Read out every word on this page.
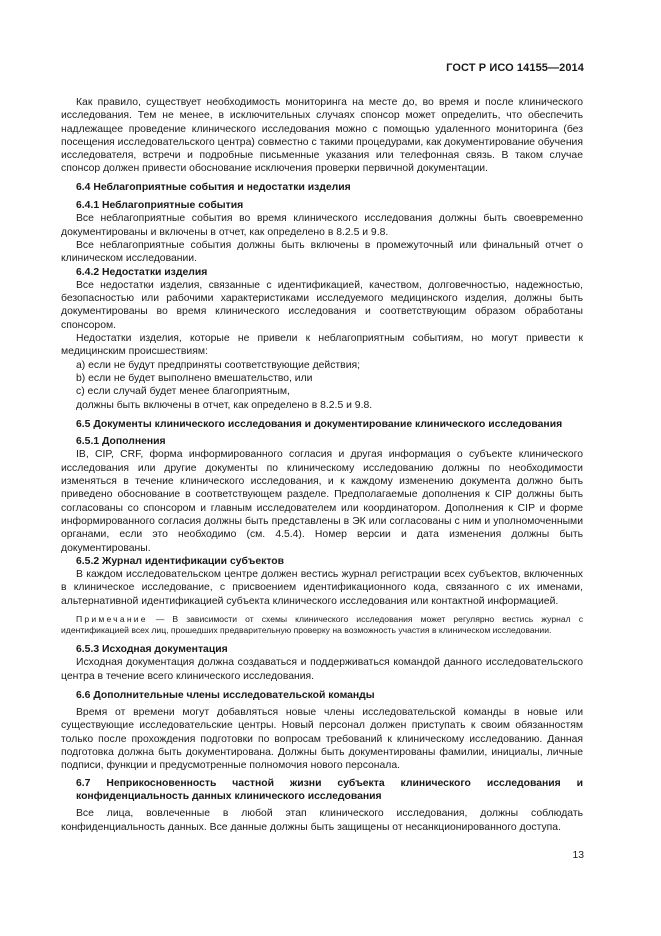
ГОСТ Р ИСО 14155—2014

Как правило, существует необходимость мониторинга на месте до, во время и после клинического исследования. Тем не менее, в исключительных случаях спонсор может определить, что обеспечить надлежащее проведение клинического исследования можно с помощью удаленного мониторинга (без посещения исследовательского центра) совместно с такими процедурами, как документирование обучения исследователя, встречи и подробные письменные указания или телефонная связь. В таком случае спонсор должен привести обоснование исключения проверки первичной документации.

6.4 Неблагоприятные события и недостатки изделия
6.4.1 Неблагоприятные события

Все неблагоприятные события во время клинического исследования должны быть своевременно документированы и включены в отчет, как определено в 8.2.5 и 9.8.

Все неблагоприятные события должны быть включены в промежуточный или финальный отчет о клиническом исследовании.

6.4.2 Недостатки изделия

Все недостатки изделия, связанные с идентификацией, качеством, долговечностью, надежностью, безопасностью или рабочими характеристиками исследуемого медицинского изделия, должны быть документированы во время клинического исследования и соответствующим образом обработаны спонсором.

Недостатки изделия, которые не привели к неблагоприятным событиям, но могут привести к медицинским происшествиям:

a) если не будут предприняты соответствующие действия;
b) если не будет выполнено вмешательство, или
c) если случай будет менее благоприятным,

должны быть включены в отчет, как определено в 8.2.5 и 9.8.

6.5 Документы клинического исследования и документирование клинического исследования
6.5.1 Дополнения

IB, CIP, CRF, форма информированного согласия и другая информация о субъекте клинического исследования или другие документы по клиническому исследованию должны по необходимости изменяться в течение клинического исследования, и к каждому изменению документа должно быть приведено обоснование в соответствующем разделе. Предполагаемые дополнения к CIP должны быть согласованы со спонсором и главным исследователем или координатором. Дополнения к CIP и форме информированного согласия должны быть представлены в ЭК или согласованы с ним и уполномоченными органами, если это необходимо (см. 4.5.4). Номер версии и дата изменения должны быть документированы.

6.5.2 Журнал идентификации субъектов

В каждом исследовательском центре должен вестись журнал регистрации всех субъектов, включенных в клиническое исследование, с присвоением идентификационного кода, связанного с их именами, альтернативной идентификацией субъекта клинического исследования или контактной информацией.

Примечание — В зависимости от схемы клинического исследования может регулярно вестись журнал с идентификацией всех лиц, прошедших предварительную проверку на возможность участия в клиническом исследовании.

6.5.3 Исходная документация

Исходная документация должна создаваться и поддерживаться командой данного исследовательского центра в течение всего клинического исследования.

6.6 Дополнительные члены исследовательской команды

Время от времени могут добавляться новые члены исследовательской команды в новые или существующие исследовательские центры. Новый персонал должен приступать к своим обязанностям только после прохождения подготовки по вопросам требований к клиническому исследованию. Данная подготовка должна быть документирована. Должны быть документированы фамилии, инициалы, личные подписи, функции и предусмотренные полномочия нового персонала.

6.7 Неприкосновенность частной жизни субъекта клинического исследования и конфиденциальность данных клинического исследования

Все лица, вовлеченные в любой этап клинического исследования, должны соблюдать конфиденциальность данных. Все данные должны быть защищены от несанкционированного доступа.

13
